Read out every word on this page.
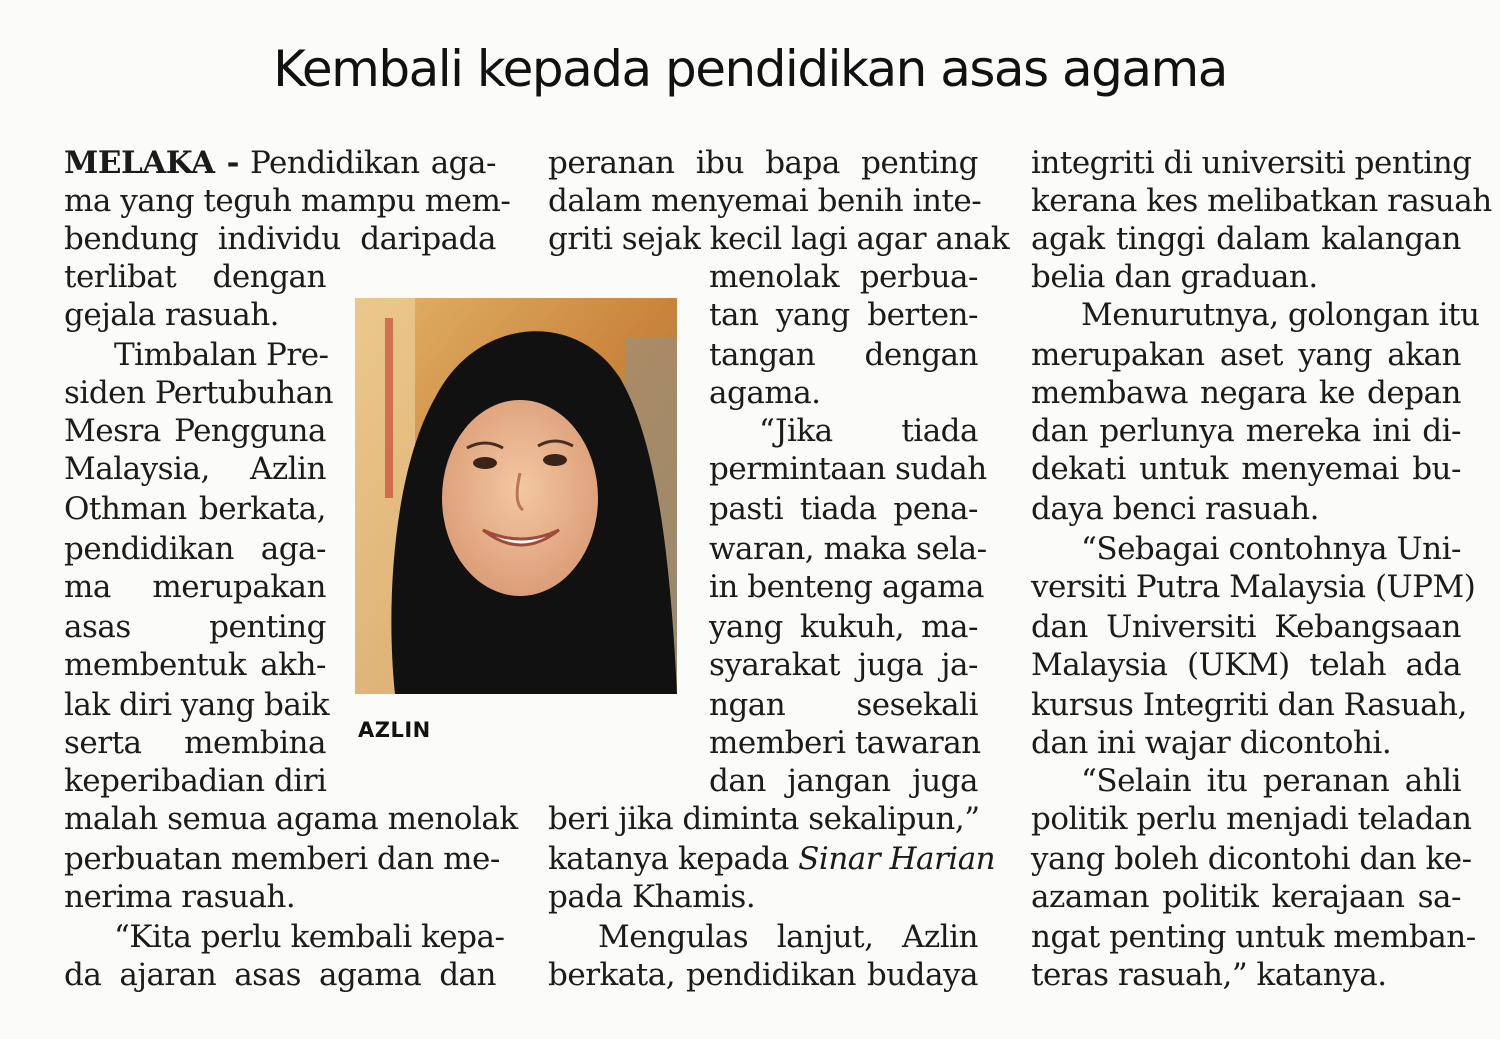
Kembali kepada pendidikan asas agama
MELAKA - Pendidikan aga-
ma yang teguh mampu mem-
bendung individu daripada
terlibat dengan
gejala rasuah.
Timbalan Pre-
siden Pertubuhan
Mesra Pengguna
Malaysia, Azlin
Othman berkata,
pendidikan aga-
ma merupakan
asas penting
membentuk akh-
lak diri yang baik
serta membina
keperibadian diri
malah semua agama menolak
perbuatan memberi dan me-
nerima rasuah.
“Kita perlu kembali kepa-
da ajaran asas agama dan
AZLIN
peranan ibu bapa penting
dalam menyemai benih inte-
griti sejak kecil lagi agar anak
menolak perbua-
tan yang berten-
tangan dengan
agama.
“Jika tiada
permintaan sudah
pasti tiada pena-
waran, maka sela-
in benteng agama
yang kukuh, ma-
syarakat juga ja-
ngan sesekali
memberi tawaran
dan jangan juga
beri jika diminta sekalipun,”
katanya kepada Sinar Harian
pada Khamis.
Mengulas lanjut, Azlin
berkata, pendidikan budaya
integriti di universiti penting
kerana kes melibatkan rasuah
agak tinggi dalam kalangan
belia dan graduan.
Menurutnya, golongan itu
merupakan aset yang akan
membawa negara ke depan
dan perlunya mereka ini di-
dekati untuk menyemai bu-
daya benci rasuah.
“Sebagai contohnya Uni-
versiti Putra Malaysia (UPM)
dan Universiti Kebangsaan
Malaysia (UKM) telah ada
kursus Integriti dan Rasuah,
dan ini wajar dicontohi.
“Selain itu peranan ahli
politik perlu menjadi teladan
yang boleh dicontohi dan ke-
azaman politik kerajaan sa-
ngat penting untuk memban-
teras rasuah,” katanya.
